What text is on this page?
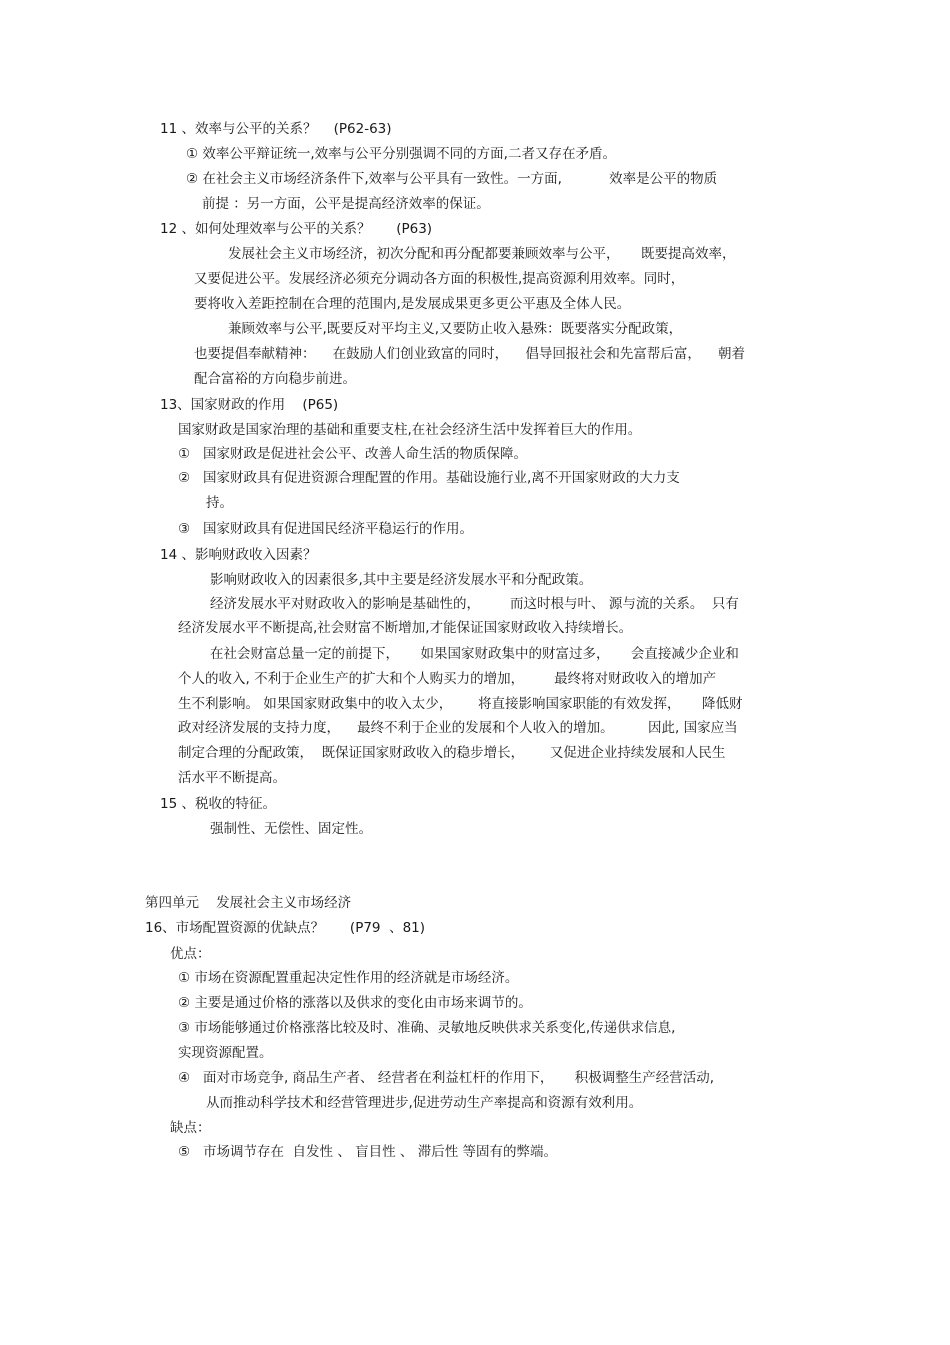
11 、效率与公平的关系？    (P62-63)
① 效率公平辩证统一,效率与公平分别强调不同的方面,二者又存在矛盾。
② 在社会主义市场经济条件下,效率与公平具有一致性。一方面,           效率是公平的物质
前提 ：另一方面，公平是提高经济效率的保证。
12 、如何处理效率与公平的关系？      (P63)
发展社会主义市场经济，初次分配和再分配都要兼顾效率与公平，     既要提高效率，
又要促进公平。发展经济必须充分调动各方面的积极性,提高资源利用效率。同时，
要将收入差距控制在合理的范围内,是发展成果更多更公平惠及全体人民。
兼顾效率与公平,既要反对平均主义,又要防止收入悬殊：既要落实分配政策，
也要提倡奉献精神：    在鼓励人们创业致富的同时，    倡导回报社会和先富帮后富，    朝着
配合富裕的方向稳步前进。
13、国家财政的作用    (P65)
国家财政是国家治理的基础和重要支柱,在社会经济生活中发挥着巨大的作用。
①   国家财政是促进社会公平、改善人命生活的物质保障。
②   国家财政具有促进资源合理配置的作用。基础设施行业,离不开国家财政的大力支
持。
③   国家财政具有促进国民经济平稳运行的作用。
14 、影响财政收入因素？
影响财政收入的因素很多,其中主要是经济发展水平和分配政策。
经济发展水平对财政收入的影响是基础性的，       而这时根与叶、 源与流的关系。  只有
经济发展水平不断提高,社会财富不断增加,才能保证国家财政收入持续增长。
在社会财富总量一定的前提下，     如果国家财政集中的财富过多，     会直接减少企业和
个人的收入, 不利于企业生产的扩大和个人购买力的增加，       最终将对财政收入的增加产
生不利影响。 如果国家财政集中的收入太少，      将直接影响国家职能的有效发挥，     降低财
政对经济发展的支持力度，    最终不利于企业的发展和个人收入的增加。        因此, 国家应当
制定合理的分配政策，  既保证国家财政收入的稳步增长，      又促进企业持续发展和人民生
活水平不断提高。
15 、税收的特征。
强制性、无偿性、固定性。
第四单元    发展社会主义市场经济
16、市场配置资源的优缺点？      (P79  、81)
优点：
① 市场在资源配置重起决定性作用的经济就是市场经济。
② 主要是通过价格的涨落以及供求的变化由市场来调节的。
③ 市场能够通过价格涨落比较及时、准确、灵敏地反映供求关系变化,传递供求信息,
实现资源配置。
④   面对市场竞争, 商品生产者、 经营者在利益杠杆的作用下，     积极调整生产经营活动,
从而推动科学技术和经营管理进步,促进劳动生产率提高和资源有效利用。
缺点：
⑤   市场调节存在  自发性 、 盲目性 、 滞后性 等固有的弊端。
